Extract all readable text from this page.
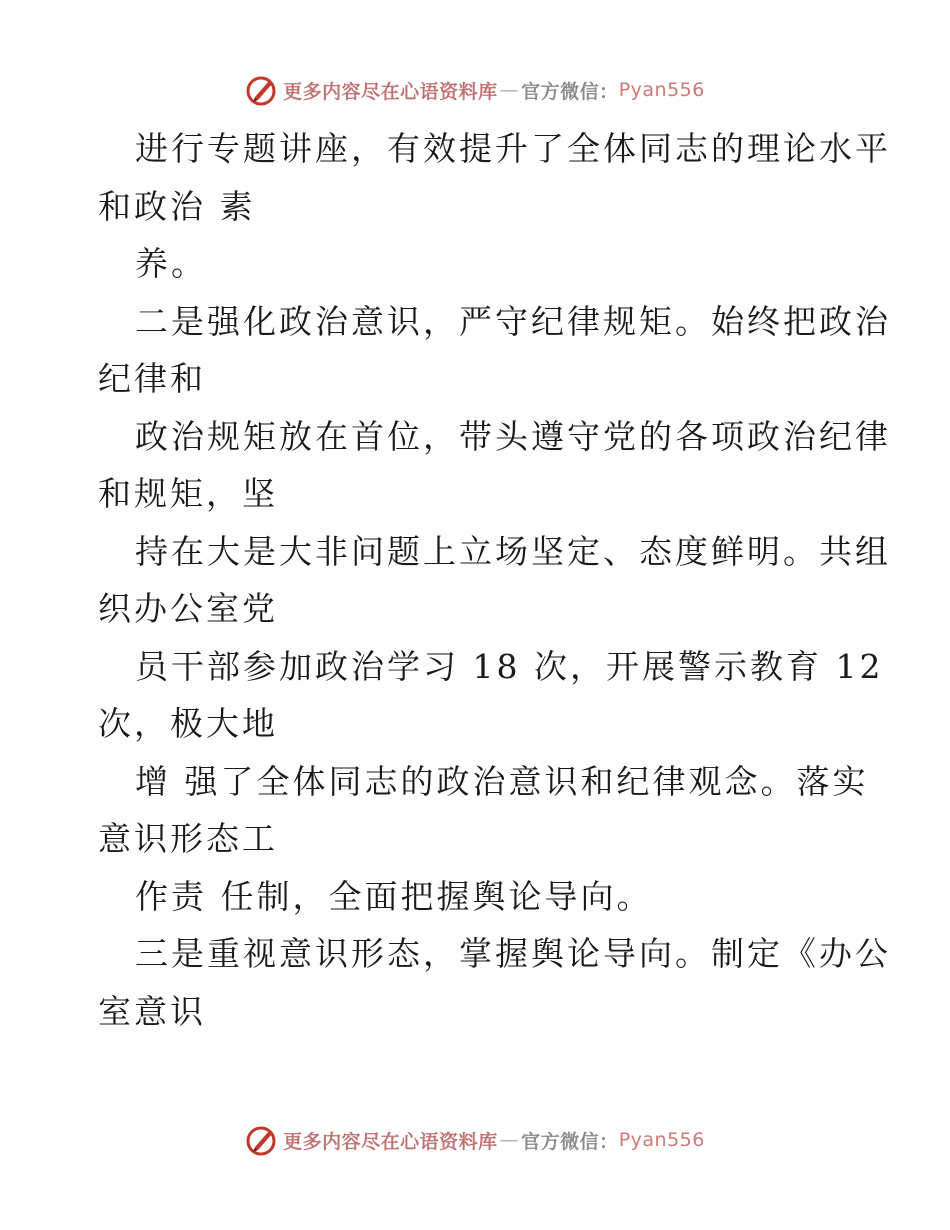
更多内容尽在心语资料库 — 官方微信： Pyan556
进行专题讲座，有效提升了全体同志的理论水平
和政治 素
养。
二是强化政治意识，严守纪律规矩。始终把政治
纪律和
政治规矩放在首位，带头遵守党的各项政治纪律
和规矩，坚
持在大是大非问题上立场坚定、态度鲜明。共组
织办公室党
员干部参加政治学习 18 次，开展警示教育 12
次，极大地
增 强了全体同志的政治意识和纪律观念。落实
意识形态工
作责 任制，全面把握舆论导向。
三是重视意识形态，掌握舆论导向。制定《办公
室意识
更多内容尽在心语资料库 — 官方微信： Pyan556
